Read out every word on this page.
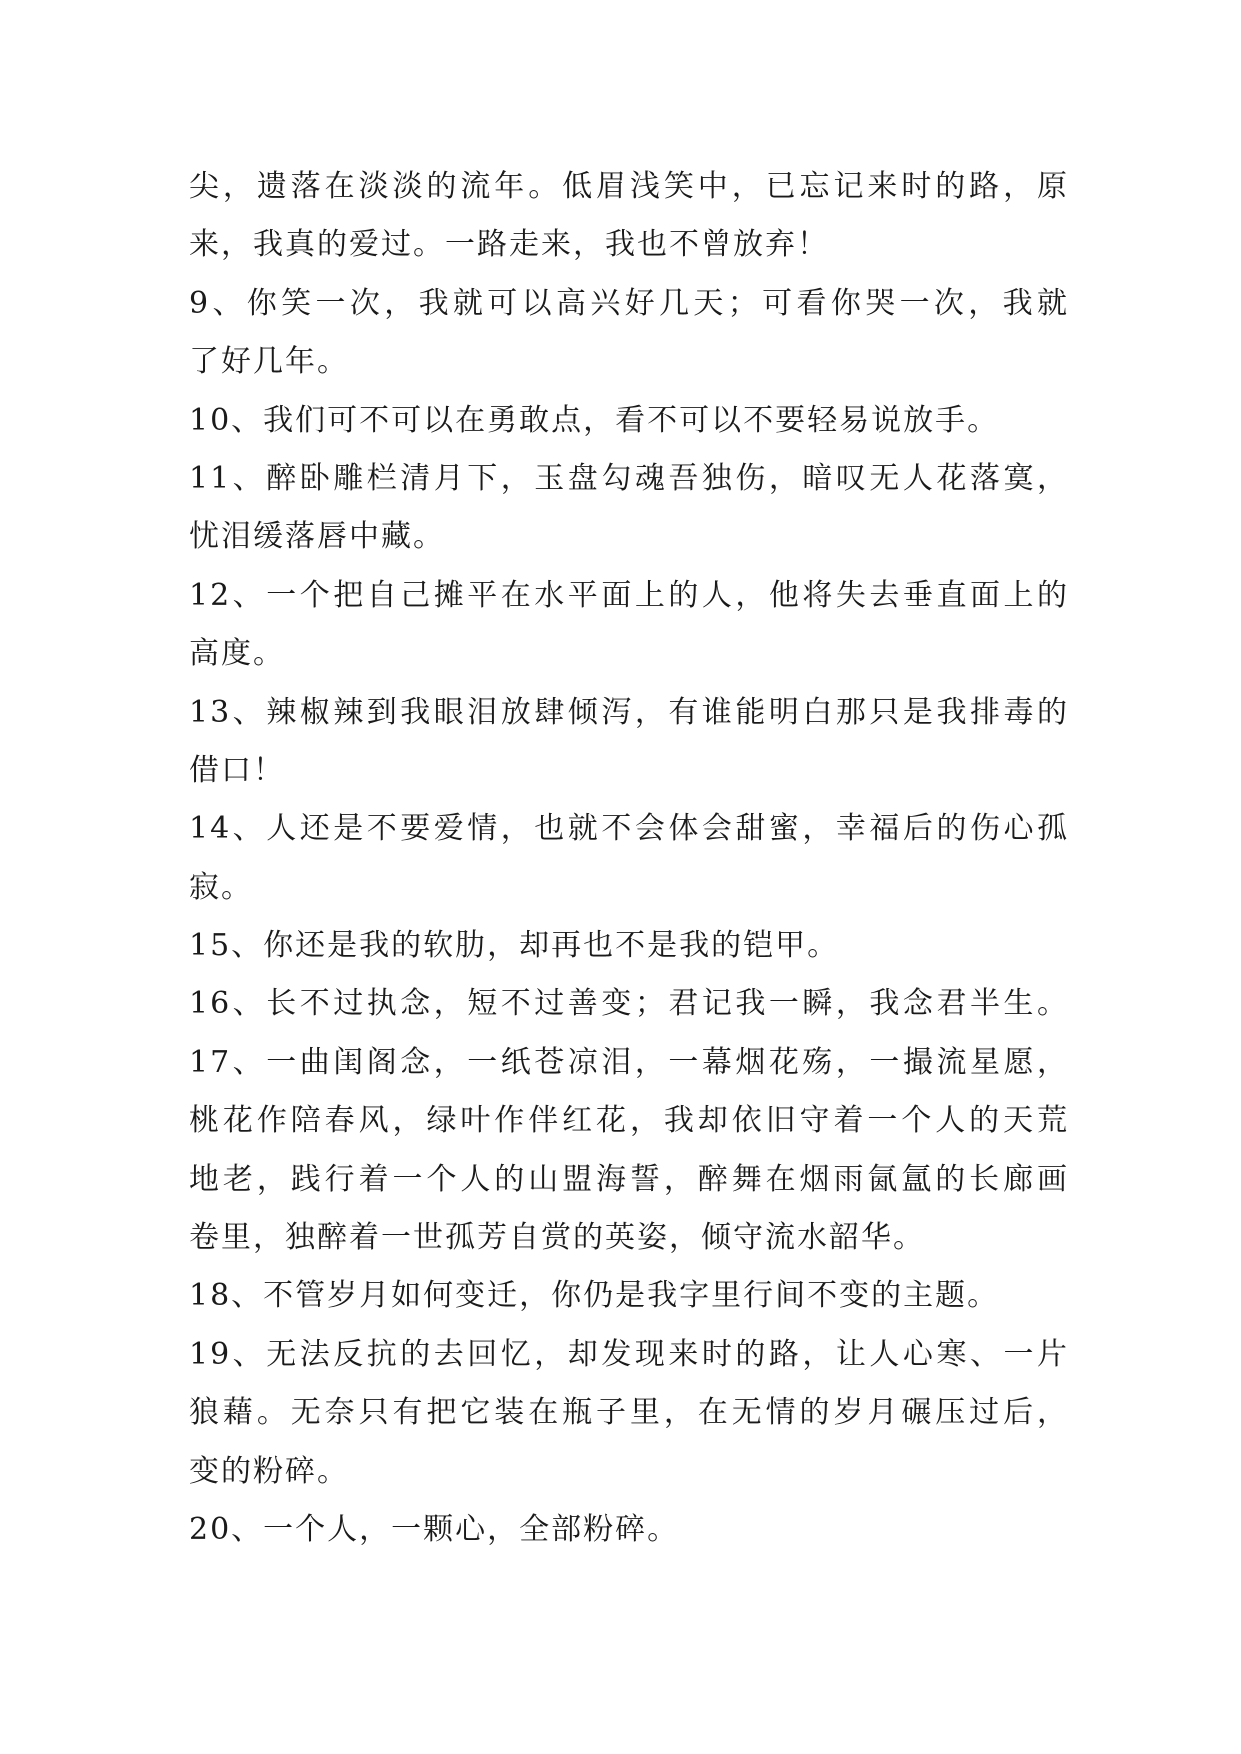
尖，遗落在淡淡的流年。低眉浅笑中，已忘记来时的路，原
来，我真的爱过。一路走来，我也不曾放弃！
9、你笑一次，我就可以高兴好几天；可看你哭一次，我就
了好几年。
10、我们可不可以在勇敢点，看不可以不要轻易说放手。
11、醉卧雕栏清月下，玉盘勾魂吾独伤，暗叹无人花落寞，
忧泪缓落唇中藏。
12、一个把自己摊平在水平面上的人，他将失去垂直面上的
高度。
13、辣椒辣到我眼泪放肆倾泻，有谁能明白那只是我排毒的
借口！
14、人还是不要爱情，也就不会体会甜蜜，幸福后的伤心孤
寂。
15、你还是我的软肋，却再也不是我的铠甲。
16、长不过执念，短不过善变；君记我一瞬，我念君半生。
17、一曲闺阁念，一纸苍凉泪，一幕烟花殇，一撮流星愿，
桃花作陪春风，绿叶作伴红花，我却依旧守着一个人的天荒
地老，践行着一个人的山盟海誓，醉舞在烟雨氤氲的长廊画
卷里，独醉着一世孤芳自赏的英姿，倾守流水韶华。
18、不管岁月如何变迁，你仍是我字里行间不变的主题。
19、无法反抗的去回忆，却发现来时的路，让人心寒、一片
狼藉。无奈只有把它装在瓶子里，在无情的岁月碾压过后，
变的粉碎。
20、一个人，一颗心，全部粉碎。
